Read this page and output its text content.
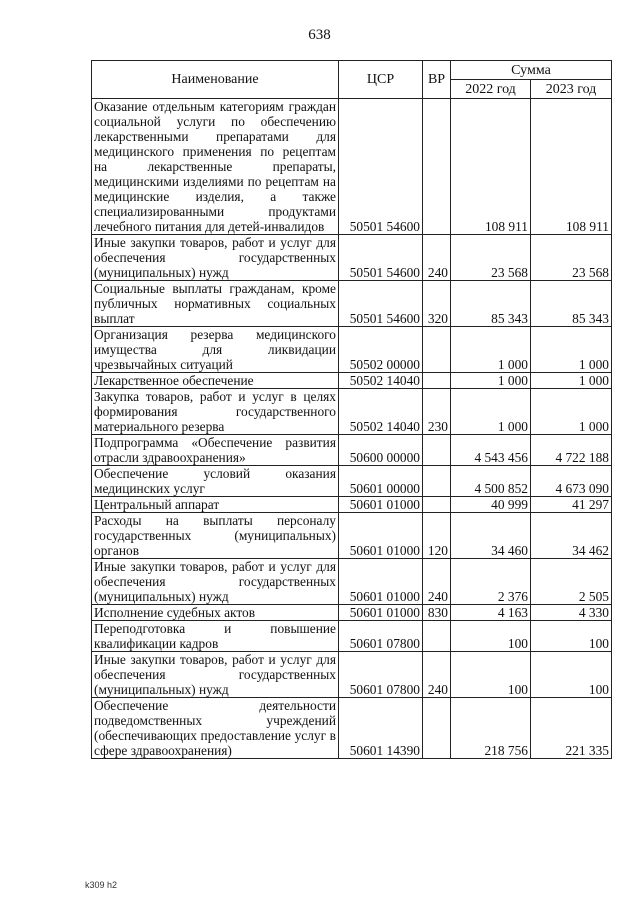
638
Наименование	ЦСР	ВР	Сумма	
			2022 год	2023 год
Оказание отдельным категориям граждан социальной услуги по обеспечению лекарственными препаратами для медицинского применения по рецептам на лекарственные препараты, медицинскими изделиями по рецептам на медицинские изделия, а также специализированными продуктами лечебного питания для детей-инвалидов	50501 54600		108 911	108 911
Иные закупки товаров, работ и услуг для обеспечения государственных (муниципальных) нужд	50501 54600	240	23 568	23 568
Социальные выплаты гражданам, кроме публичных нормативных социальных выплат	50501 54600	320	85 343	85 343
Организация резерва медицинского имущества для ликвидации чрезвычайных ситуаций	50502 00000		1 000	1 000
Лекарственное обеспечение	50502 14040		1 000	1 000
Закупка товаров, работ и услуг в целях формирования государственного материального резерва	50502 14040	230	1 000	1 000
Подпрограмма «Обеспечение развития отрасли здравоохранения»	50600 00000		4 543 456	4 722 188
Обеспечение условий оказания медицинских услуг	50601 00000		4 500 852	4 673 090
Центральный аппарат	50601 01000		40 999	41 297
Расходы на выплаты персоналу государственных (муниципальных) органов	50601 01000	120	34 460	34 462
Иные закупки товаров, работ и услуг для обеспечения государственных (муниципальных) нужд	50601 01000	240	2 376	2 505
Исполнение судебных актов	50601 01000	830	4 163	4 330
Переподготовка и повышение квалификации кадров	50601 07800		100	100
Иные закупки товаров, работ и услуг для обеспечения государственных (муниципальных) нужд	50601 07800	240	100	100
Обеспечение деятельности подведомственных учреждений (обеспечивающих предоставление услуг в сфере здравоохранения)	50601 14390		218 756	221 335
k309 h2
